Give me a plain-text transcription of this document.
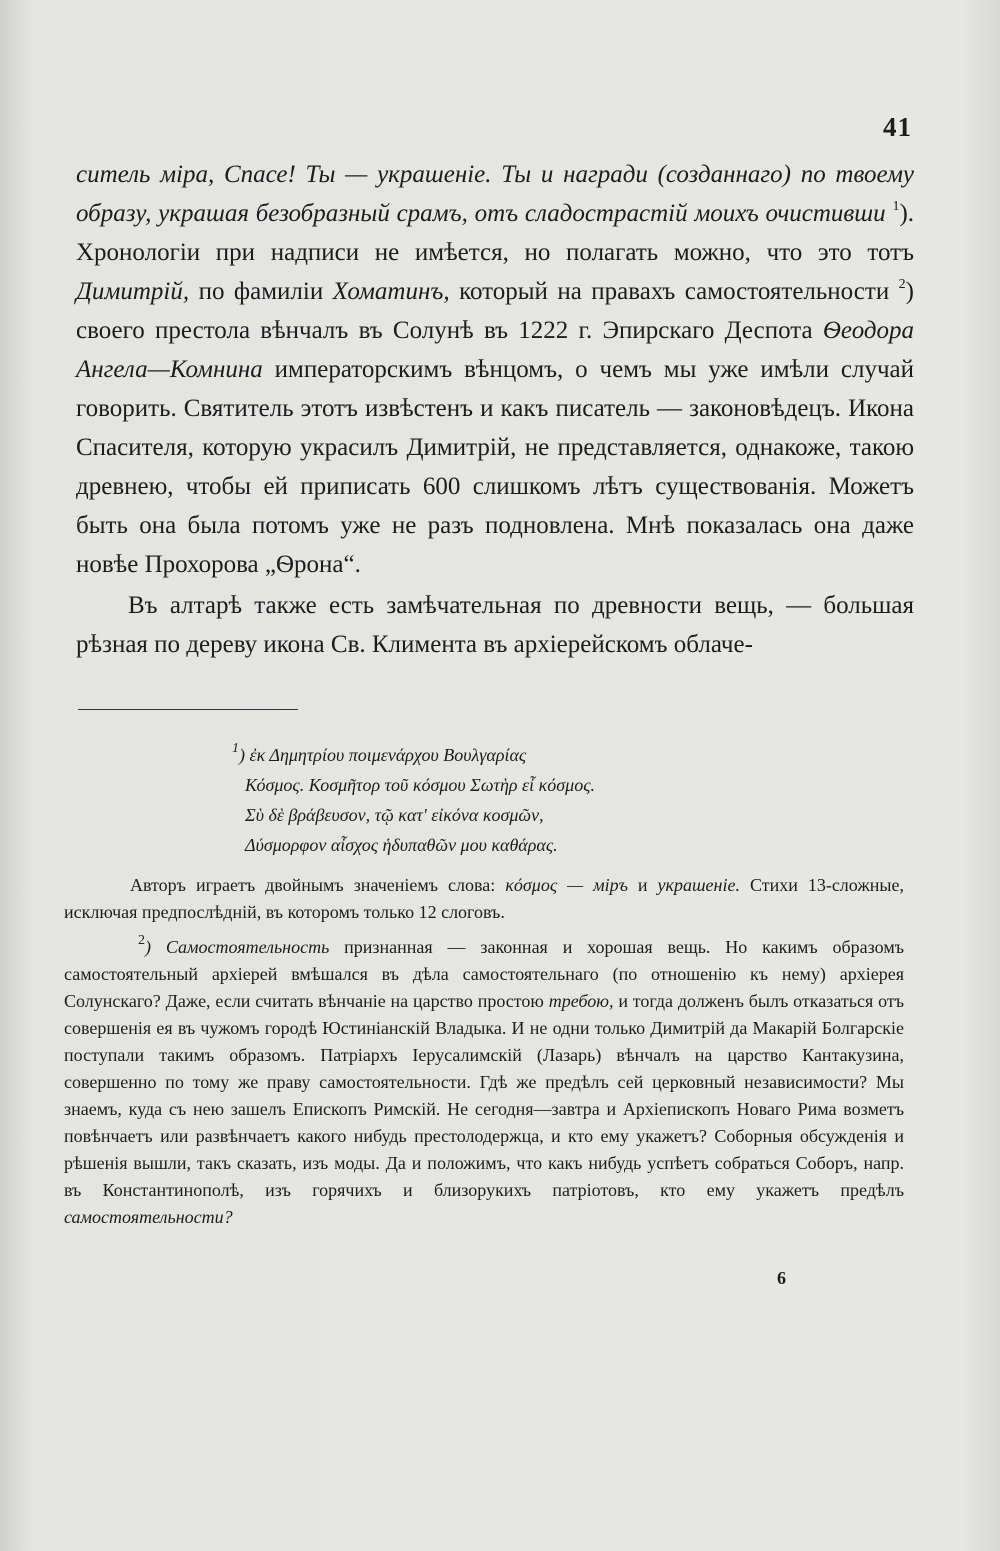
41

ситель міра, Спасе! Ты — украшеніе. Ты и награди (созданнаго) по твоему образу, украшая безобразный срамъ, отъ сладострастій моихъ очистивши $^1$). Хронологіи при надписи не имѣется, но полагать можно, что это тотъ Димитрій, по фамиліи Хоматинъ, который на правахъ самостоятельности $^2$) своего престола вѣнчалъ въ Солунѣ въ 1222 г. Эпирскаго Деспота Ѳеодора Ангела—Комнина императорскимъ вѣнцомъ, о чемъ мы уже имѣли случай говорить. Святитель этотъ извѣстенъ и какъ писатель — законовѣдецъ. Икона Спасителя, которую украсилъ Димитрій, не представляется, однакоже, такою древнею, чтобы ей приписать 600 слишкомъ лѣтъ существованія. Можетъ быть она была потомъ уже не разъ подновлена. Мнѣ показалась она даже новѣе Прохорова „Ѳрона“.

Въ алтарѣ также есть замѣчательная по древности вещь, — большая рѣзная по дереву икона Св. Климента въ архіерейскомъ облаче-

$^1$) ἐκ Δημητρίου ποιμενάρχου Βουλγαρίας
Κόσμος. Κοσμῆτορ τοῦ κόσμου Σωτὴρ εἶ κόσμος.
Σὺ δὲ βράβευσον, τῷ κατ' εἰκόνα κοσμῶν,
Δύσμορφον αἶσχος ἡδυπαθῶν μου καθάρας.

Авторъ играетъ двойнымъ значеніемъ слова: κόσμος — міръ и украшеніе. Стихи 13-сложные, исключая предпослѣдній, въ которомъ только 12 слоговъ.

$^2$) Самостоятельность признанная — законная и хорошая вещь. Но какимъ образомъ самостоятельный архіерей вмѣшался въ дѣла самостоятельнаго (по отношенію къ нему) архіерея Солунскаго? Даже, если считать вѣнчаніе на царство простою требою, и тогда долженъ былъ отказаться отъ совершенія ея въ чужомъ городѣ Юстиніанскій Владыка. И не одни только Димитрій да Макарій Болгарскіе поступали такимъ образомъ. Патріархъ Іерусалимскій (Лазарь) вѣнчалъ на царство Кантакузина, совершенно по тому же праву самостоятельности. Гдѣ же предѣлъ сей церковный независимости? Мы знаемъ, куда съ нею зашелъ Епископъ Римскій. Не сегодня—завтра и Архіепископъ Новаго Рима возметъ повѣнчаетъ или развѣнчаетъ какого нибудь престолодержца, и кто ему укажетъ? Соборныя обсужденія и рѣшенія вышли, такъ сказать, изъ моды. Да и положимъ, что какъ нибудь успѣетъ собраться Соборъ, напр. въ Константинополѣ, изъ горячихъ и близорукихъ патріотовъ, кто ему укажетъ предѣлъ самостоятельности?

6
